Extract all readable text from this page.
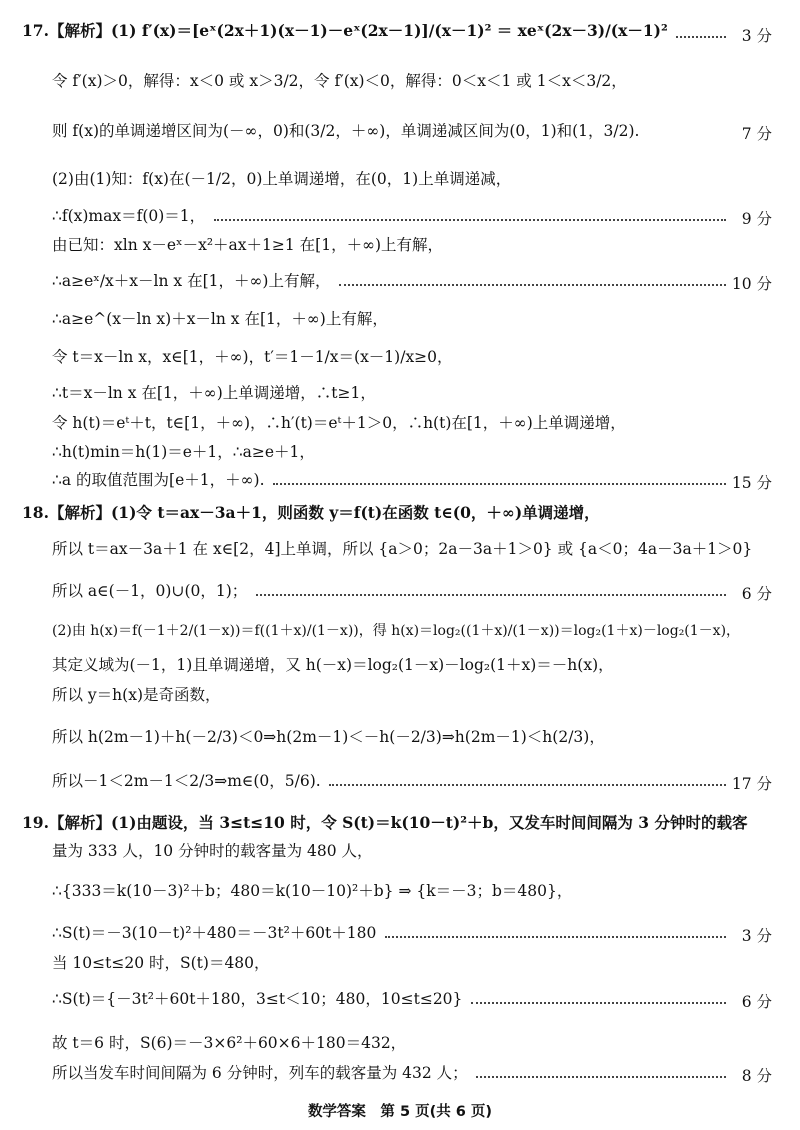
17.【解析】(1) f′(x)＝[eˣ(2x＋1)(x－1)－eˣ(2x－1)]/(x－1)² ＝ xeˣ(2x－3)/(x－1)²	3 分
令 f′(x)＞0，解得：x＜0 或 x＞3/2，令 f′(x)＜0，解得：0＜x＜1 或 1＜x＜3/2，
则 f(x)的单调递增区间为(－∞，0)和(3/2，＋∞)，单调递减区间为(0，1)和(1，3/2).	7 分
(2)由(1)知：f(x)在(－1/2，0)上单调递增，在(0，1)上单调递减，
∴f(x)max＝f(0)＝1，	9 分
由已知：xln x－eˣ－x²＋ax＋1≥1 在[1，＋∞)上有解，
∴a≥eˣ/x＋x－ln x 在[1，＋∞)上有解，	10 分
∴a≥e^(x－ln x)＋x－ln x 在[1，＋∞)上有解，
令 t＝x－ln x，x∈[1，＋∞)，t′＝1－1/x＝(x－1)/x≥0，
∴t＝x－ln x 在[1，＋∞)上单调递增，∴t≥1，
令 h(t)＝eᵗ＋t，t∈[1，＋∞)，∴h′(t)＝eᵗ＋1＞0，∴h(t)在[1，＋∞)上单调递增，
∴h(t)min＝h(1)＝e＋1，∴a≥e＋1，
∴a 的取值范围为[e＋1，＋∞).	15 分
18.【解析】(1)令 t＝ax－3a＋1，则函数 y＝f(t)在函数 t∈(0，＋∞)单调递增，
所以 t＝ax－3a＋1 在 x∈[2，4]上单调，所以 {a＞0；2a－3a＋1＞0} 或 {a＜0；4a－3a＋1＞0}
所以 a∈(－1，0)∪(0，1)；	6 分
(2)由 h(x)＝f(－1＋2/(1－x))＝f((1＋x)/(1－x))，得 h(x)＝log₂((1＋x)/(1－x))＝log₂(1＋x)－log₂(1－x)，
其定义域为(－1，1)且单调递增，又 h(－x)＝log₂(1－x)－log₂(1＋x)＝－h(x)，
所以 y＝h(x)是奇函数，
所以 h(2m－1)＋h(－2/3)＜0⇒h(2m－1)＜－h(－2/3)⇒h(2m－1)＜h(2/3)，
所以－1＜2m－1＜2/3⇒m∈(0，5/6).	17 分
19.【解析】(1)由题设，当 3≤t≤10 时，令 S(t)＝k(10－t)²＋b，又发车时间间隔为 3 分钟时的载客
量为 333 人，10 分钟时的载客量为 480 人，
∴{333＝k(10－3)²＋b；480＝k(10－10)²＋b} ⇒ {k＝－3；b＝480}，
∴S(t)＝－3(10－t)²＋480＝－3t²＋60t＋180	3 分
当 10≤t≤20 时，S(t)＝480，
∴S(t)＝{－3t²＋60t＋180，3≤t＜10；480，10≤t≤20}	6 分
故 t＝6 时，S(6)＝－3×6²＋60×6＋180＝432，
所以当发车时间间隔为 6 分钟时，列车的载客量为 432 人；	8 分
数学答案　第 5 页(共 6 页)
